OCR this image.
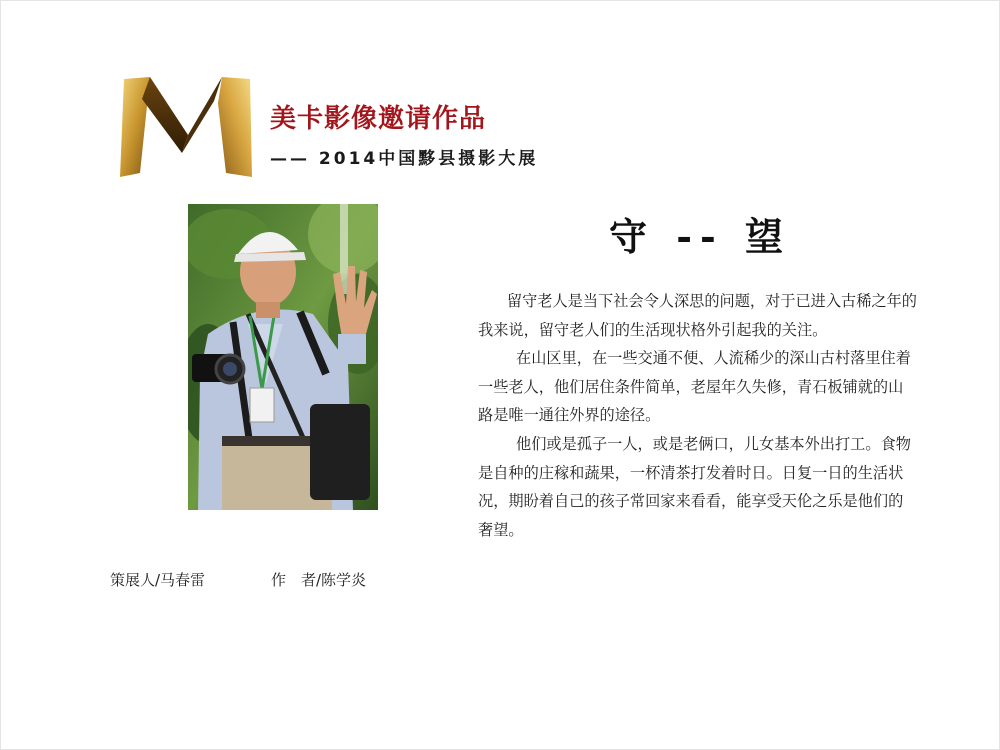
美卡影像邀请作品
—— 2014中国黟县摄影大展
策展人/马春雷	作　者/陈学炎
守 -- 望

留守老人是当下社会令人深思的问题，对于已进入古稀之年的我来说，留守老人们的生活现状格外引起我的关注。

在山区里，在一些交通不便、人流稀少的深山古村落里住着一些老人，他们居住条件简单，老屋年久失修，青石板铺就的山路是唯一通往外界的途径。

他们或是孤子一人，或是老俩口，儿女基本外出打工。食物是自种的庄稼和蔬果，一杯清茶打发着时日。日复一日的生活状况，期盼着自己的孩子常回家来看看，能享受天伦之乐是他们的奢望。
